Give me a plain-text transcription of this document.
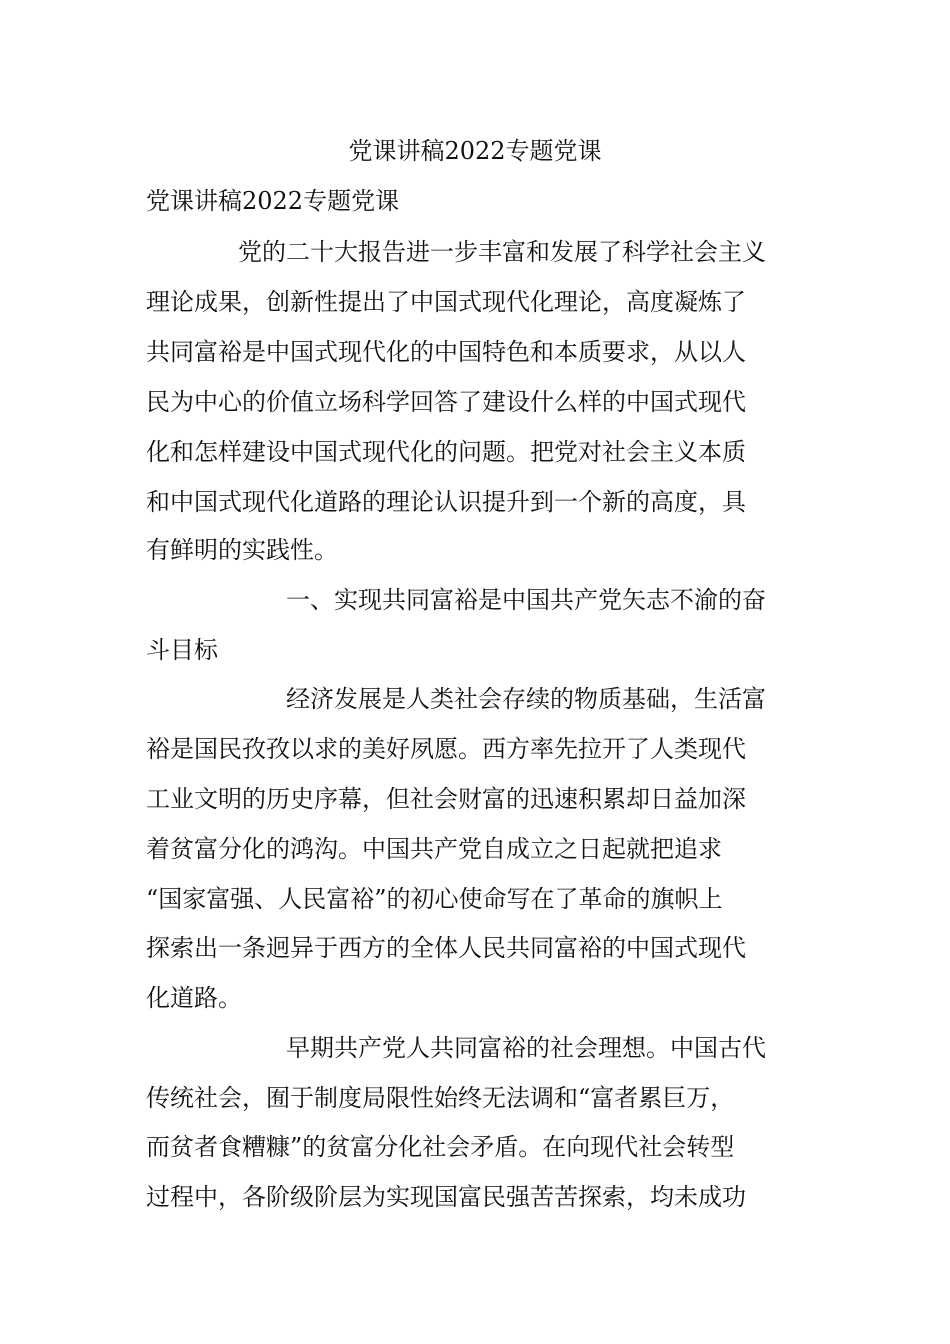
党课讲稿2022专题党课
党课讲稿2022专题党课
党的二十大报告进一步丰富和发展了科学社会主义
理论成果，创新性提出了中国式现代化理论，高度凝炼了
共同富裕是中国式现代化的中国特色和本质要求，从以人
民为中心的价值立场科学回答了建设什么样的中国式现代
化和怎样建设中国式现代化的问题。把党对社会主义本质
和中国式现代化道路的理论认识提升到一个新的高度，具
有鲜明的实践性。
一、实现共同富裕是中国共产党矢志不渝的奋
斗目标
经济发展是人类社会存续的物质基础，生活富
裕是国民孜孜以求的美好夙愿。西方率先拉开了人类现代
工业文明的历史序幕，但社会财富的迅速积累却日益加深
着贫富分化的鸿沟。中国共产党自成立之日起就把追求
“国家富强、人民富裕”的初心使命写在了革命的旗帜上
探索出一条迥异于西方的全体人民共同富裕的中国式现代
化道路。
早期共产党人共同富裕的社会理想。中国古代
传统社会，囿于制度局限性始终无法调和“富者累巨万，
而贫者食糟糠”的贫富分化社会矛盾。在向现代社会转型
过程中，各阶级阶层为实现国富民强苦苦探索，均未成功
